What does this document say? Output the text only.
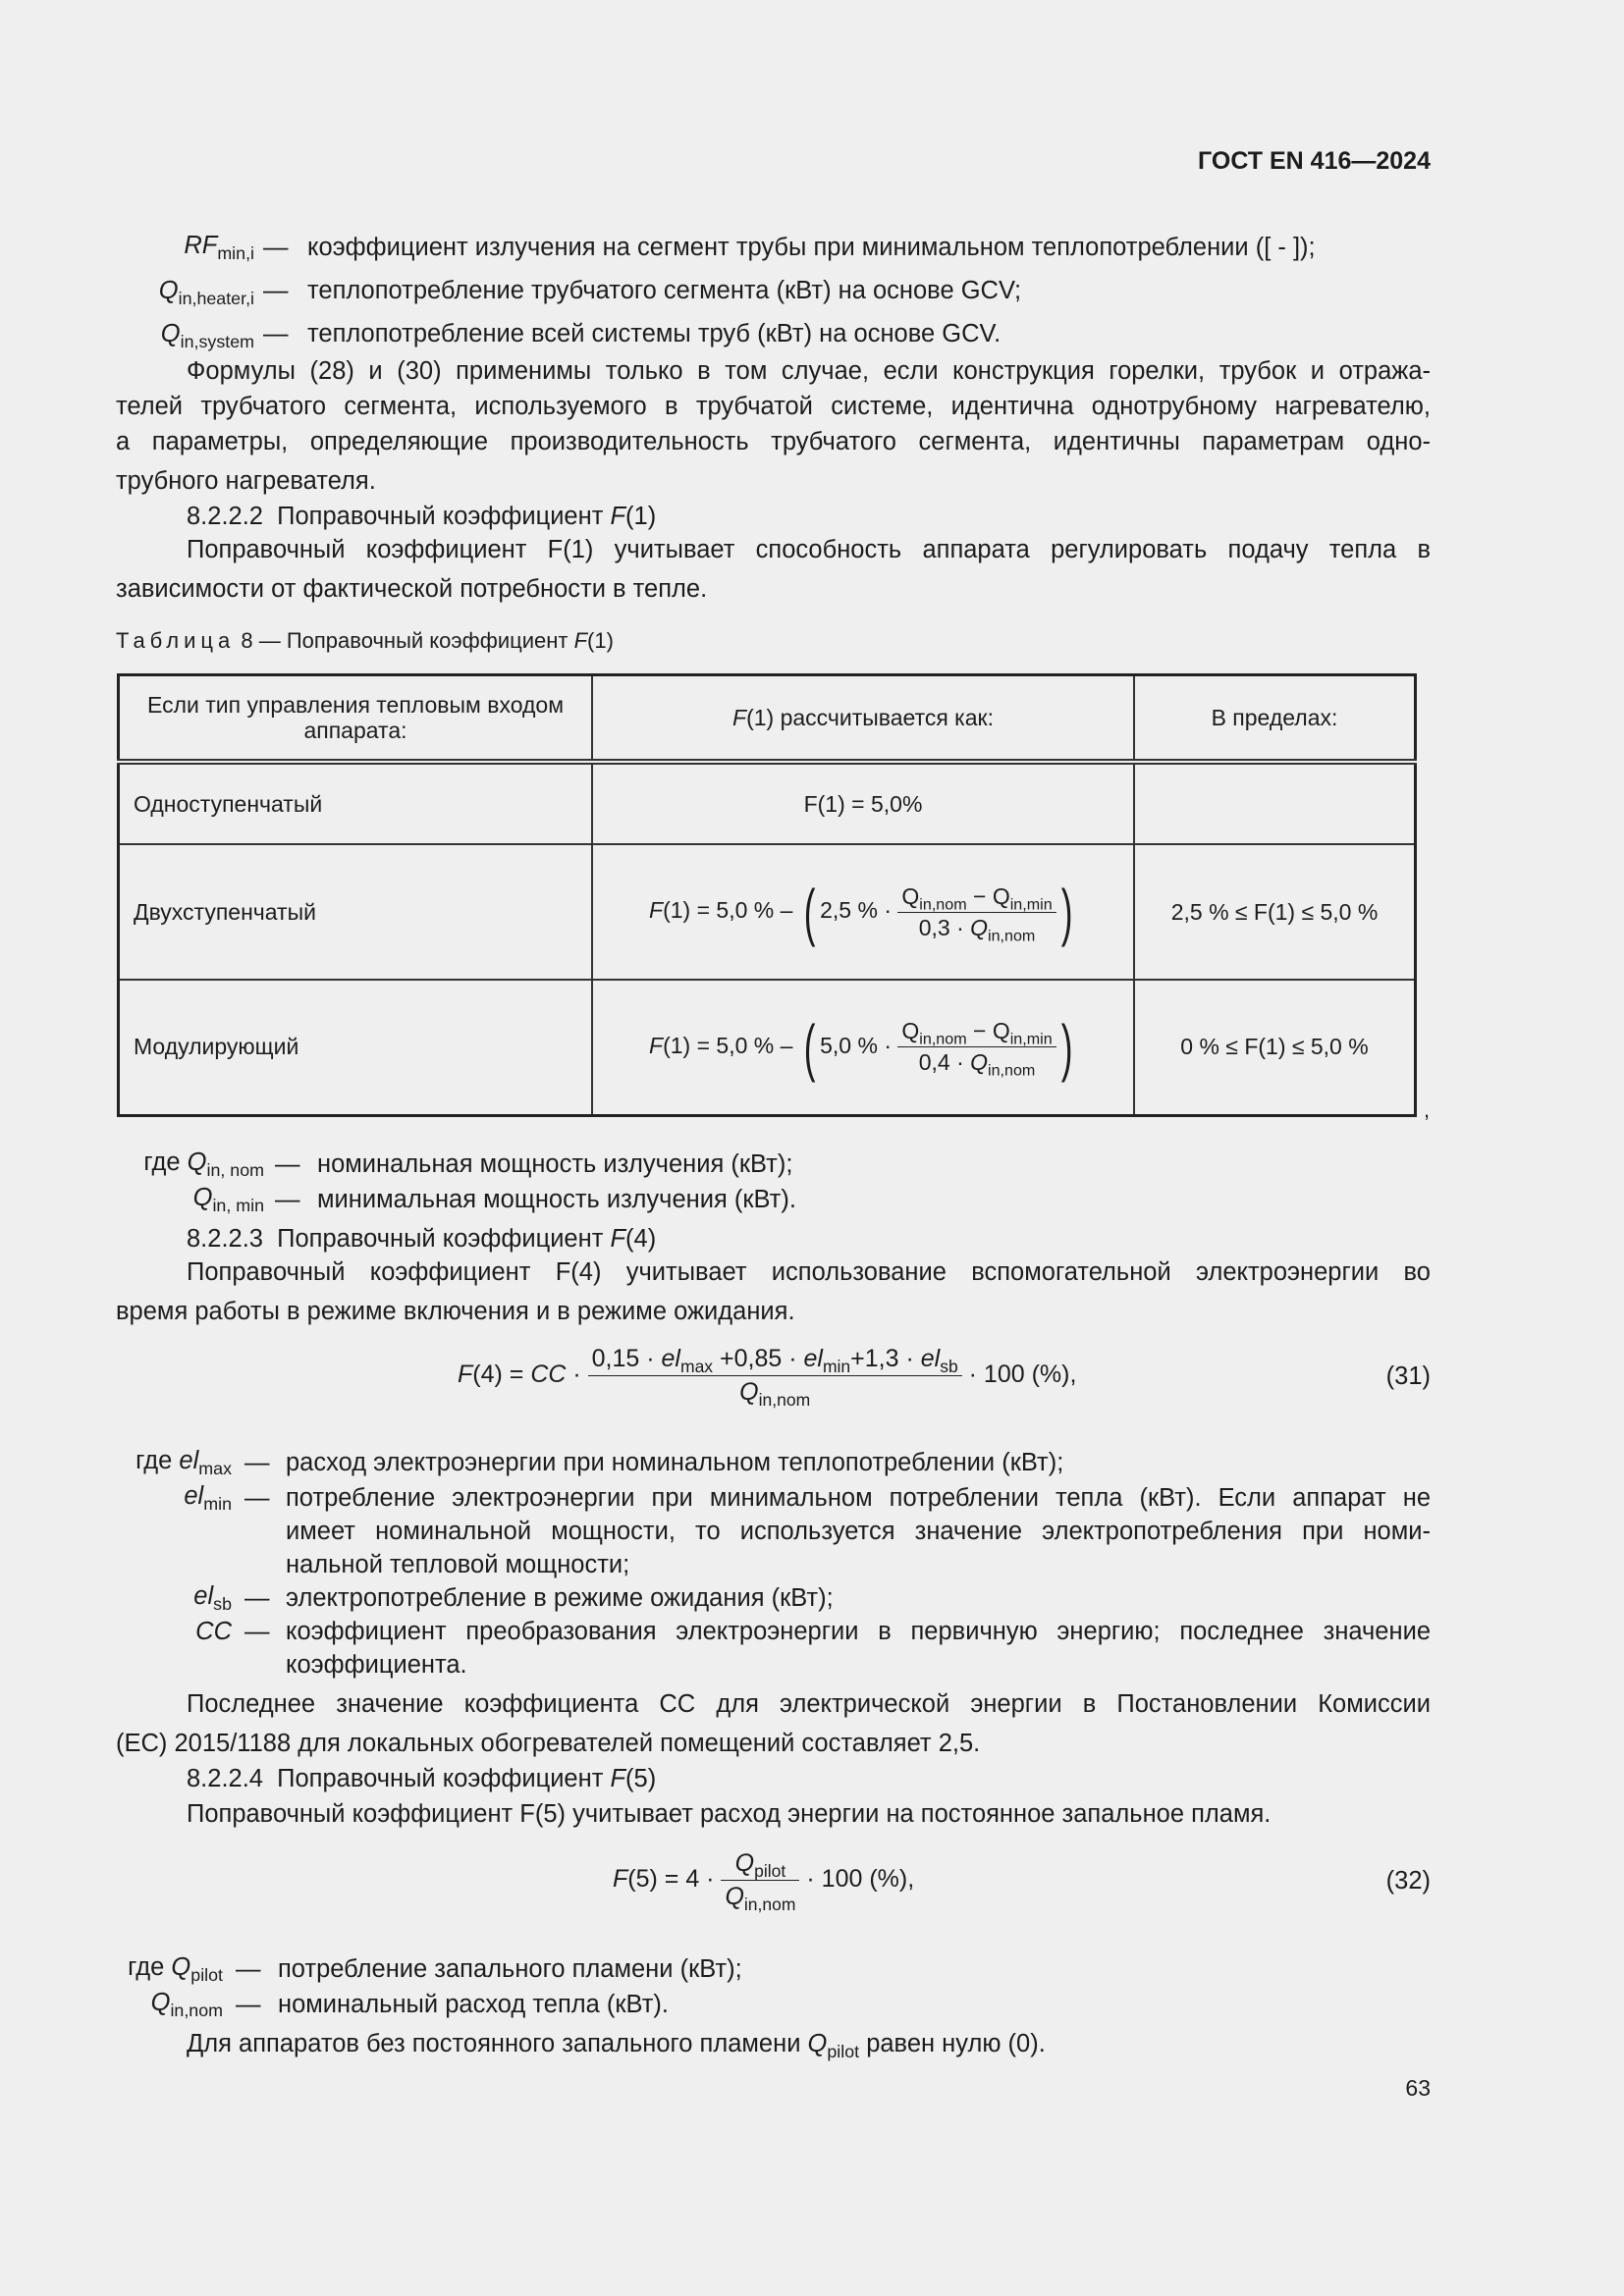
ГОСТ EN 416—2024
$RF_{min,i}$ — коэффициент излучения на сегмент трубы при минимальном теплопотреблении ([ - ]);
$Q_{in,heater,i}$ — теплопотребление трубчатого сегмента (кВт) на основе GCV;
$Q_{in,system}$ — теплопотребление всей системы труб (кВт) на основе GCV.
Формулы (28) и (30) применимы только в том случае, если конструкция горелки, трубок и отража-
телей трубчатого сегмента, используемого в трубчатой системе, идентична однотрубному нагревателю,
а параметры, определяющие производительность трубчатого сегмента, идентичны параметрам одно-
трубного нагревателя.
8.2.2.2 Поправочный коэффициент F(1)
Поправочный коэффициент F(1) учитывает способность аппарата регулировать подачу тепла в
зависимости от фактической потребности в тепле.
Таблица 8 — Поправочный коэффициент F(1)
Если тип управления тепловым входом аппарата:	F(1) рассчитывается как:	В пределах:
Одноступенчатый	F(1) = 5,0%	
Двухступенчатый	F(1) = 5,0 % – ( 2,5 % · $\frac{Q_{in,nom} - Q_{in,min}}{0,3 \cdot Q_{in,nom}}$ )	2,5 % ≤ F(1) ≤ 5,0 %
Модулирующий	F(1) = 5,0 % – ( 5,0 % · $\frac{Q_{in,nom} - Q_{in,min}}{0,4 \cdot Q_{in,nom}}$ )	0 % ≤ F(1) ≤ 5,0 %
,
где $Q_{in, nom}$ — номинальная мощность излучения (кВт);
$Q_{in, min}$ — минимальная мощность излучения (кВт).
8.2.2.3 Поправочный коэффициент F(4)
Поправочный коэффициент F(4) учитывает использование вспомогательной электроэнергии во
время работы в режиме включения и в режиме ожидания.
F(4) = CC · $\frac{0,15 \cdot el_{max} +0,85 \cdot el_{min}+1,3 \cdot el_{sb}}{Q_{in,nom}} \cdot 100$ (%),	(31)
где $el_{max}$ — расход электроэнергии при номинальном теплопотреблении (кВт);
$el_{min}$ — потребление электроэнергии при минимальном потреблении тепла (кВт). Если аппарат не
имеет номинальной мощности, то используется значение электропотребления при номи-
нальной тепловой мощности;
$el_{sb}$ — электропотребление в режиме ожидания (кВт);
CC — коэффициент преобразования электроэнергии в первичную энергию; последнее значение
коэффициента.
Последнее значение коэффициента CC для электрической энергии в Постановлении Комиссии
(ЕС) 2015/1188 для локальных обогревателей помещений составляет 2,5.
8.2.2.4 Поправочный коэффициент F(5)
Поправочный коэффициент F(5) учитывает расход энергии на постоянное запальное пламя.
$F(5) = 4 \cdot \frac{Q_{pilot}}{Q_{in,nom}} \cdot 100$ (%),	(32)
где $Q_{pilot}$ — потребление запального пламени (кВт);
$Q_{in,nom}$ — номинальный расход тепла (кВт).
Для аппаратов без постоянного запального пламени $Q_{pilot}$ равен нулю (0).
63
